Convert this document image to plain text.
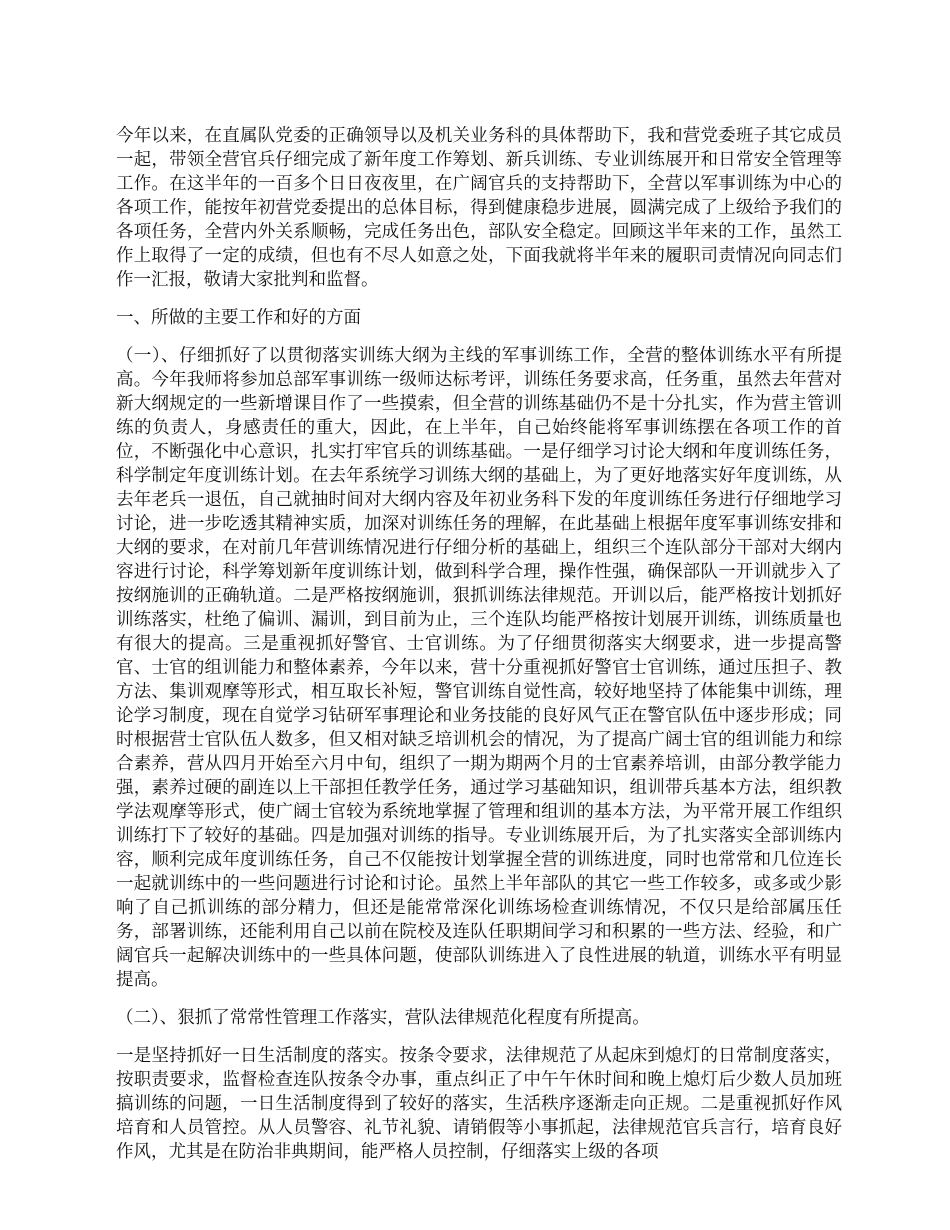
今年以来，在直属队党委的正确领导以及机关业务科的具体帮助下，我和营党委班子其它成员一起，带领全营官兵仔细完成了新年度工作筹划、新兵训练、专业训练展开和日常安全管理等工作。在这半年的一百多个日日夜夜里，在广阔官兵的支持帮助下，全营以军事训练为中心的各项工作，能按年初营党委提出的总体目标，得到健康稳步进展，圆满完成了上级给予我们的各项任务，全营内外关系顺畅，完成任务出色，部队安全稳定。回顾这半年来的工作，虽然工作上取得了一定的成绩，但也有不尽人如意之处，下面我就将半年来的履职司责情况向同志们作一汇报，敬请大家批判和监督。

一、所做的主要工作和好的方面

（一）、仔细抓好了以贯彻落实训练大纲为主线的军事训练工作，全营的整体训练水平有所提高。今年我师将参加总部军事训练一级师达标考评，训练任务要求高，任务重，虽然去年营对新大纲规定的一些新增课目作了一些摸索，但全营的训练基础仍不是十分扎实，作为营主管训练的负责人，身感责任的重大，因此，在上半年，自己始终能将军事训练摆在各项工作的首位，不断强化中心意识，扎实打牢官兵的训练基础。一是仔细学习讨论大纲和年度训练任务，科学制定年度训练计划。在去年系统学习训练大纲的基础上，为了更好地落实好年度训练，从去年老兵一退伍，自己就抽时间对大纲内容及年初业务科下发的年度训练任务进行仔细地学习讨论，进一步吃透其精神实质，加深对训练任务的理解，在此基础上根据年度军事训练安排和大纲的要求，在对前几年营训练情况进行仔细分析的基础上，组织三个连队部分干部对大纲内容进行讨论，科学筹划新年度训练计划，做到科学合理，操作性强，确保部队一开训就步入了按纲施训的正确轨道。二是严格按纲施训，狠抓训练法律规范。开训以后，能严格按计划抓好训练落实，杜绝了偏训、漏训，到目前为止，三个连队均能严格按计划展开训练，训练质量也有很大的提高。三是重视抓好警官、士官训练。为了仔细贯彻落实大纲要求，进一步提高警官、士官的组训能力和整体素养，今年以来，营十分重视抓好警官士官训练，通过压担子、教方法、集训观摩等形式，相互取长补短，警官训练自觉性高，较好地坚持了体能集中训练，理论学习制度，现在自觉学习钻研军事理论和业务技能的良好风气正在警官队伍中逐步形成；同时根据营士官队伍人数多，但又相对缺乏培训机会的情况，为了提高广阔士官的组训能力和综合素养，营从四月开始至六月中旬，组织了一期为期两个月的士官素养培训，由部分教学能力强，素养过硬的副连以上干部担任教学任务，通过学习基础知识，组训带兵基本方法，组织教学法观摩等形式，使广阔士官较为系统地掌握了管理和组训的基本方法，为平常开展工作组织训练打下了较好的基础。四是加强对训练的指导。专业训练展开后，为了扎实落实全部训练内容，顺利完成年度训练任务，自己不仅能按计划掌握全营的训练进度，同时也常常和几位连长一起就训练中的一些问题进行讨论和讨论。虽然上半年部队的其它一些工作较多，或多或少影响了自己抓训练的部分精力，但还是能常常深化训练场检查训练情况，不仅只是给部属压任务，部署训练，还能利用自己以前在院校及连队任职期间学习和积累的一些方法、经验，和广阔官兵一起解决训练中的一些具体问题，使部队训练进入了良性进展的轨道，训练水平有明显提高。

（二）、狠抓了常常性管理工作落实，营队法律规范化程度有所提高。

一是坚持抓好一日生活制度的落实。按条令要求，法律规范了从起床到熄灯的日常制度落实，按职责要求，监督检查连队按条令办事，重点纠正了中午午休时间和晚上熄灯后少数人员加班搞训练的问题，一日生活制度得到了较好的落实，生活秩序逐渐走向正规。二是重视抓好作风培育和人员管控。从人员警容、礼节礼貌、请销假等小事抓起，法律规范官兵言行，培育良好作风，尤其是在防治非典期间，能严格人员控制，仔细落实上级的各项
